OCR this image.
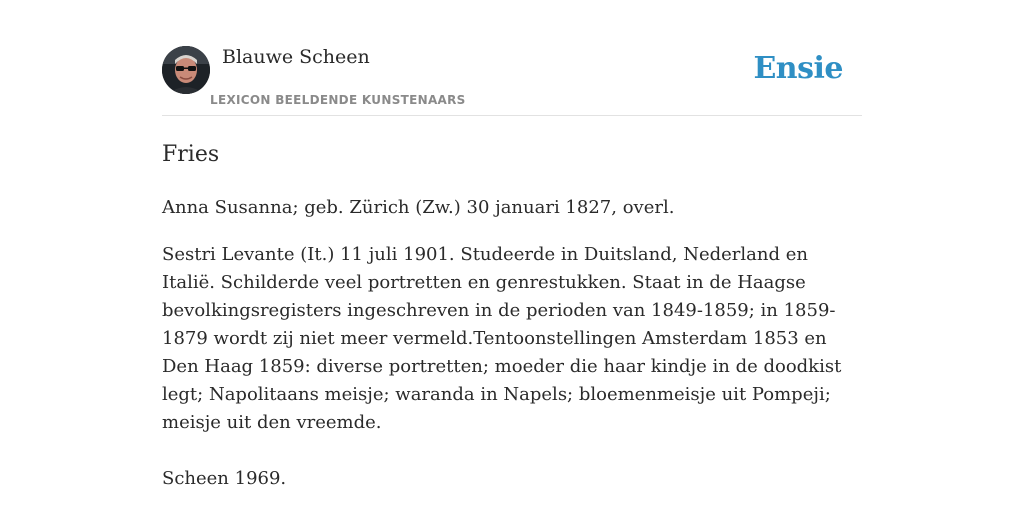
Blauwe Scheen
LEXICON BEELDENDE KUNSTENAARS
Ensie
Fries

Anna Susanna; geb. Zürich (Zw.) 30 januari 1827, overl.

Sestri Levante (It.) 11 juli 1901. Studeerde in Duitsland, Nederland en Italië. Schilderde veel portretten en genrestukken. Staat in de Haagse bevolkingsregisters ingeschreven in de perioden van 1849-1859; in 1859-1879 wordt zij niet meer vermeld.Tentoonstellingen Amsterdam 1853 en Den Haag 1859: diverse portretten; moeder die haar kindje in de doodkist legt; Napolitaans meisje; waranda in Napels; bloemenmeisje uit Pompeji; meisje uit den vreemde.

Scheen 1969.
